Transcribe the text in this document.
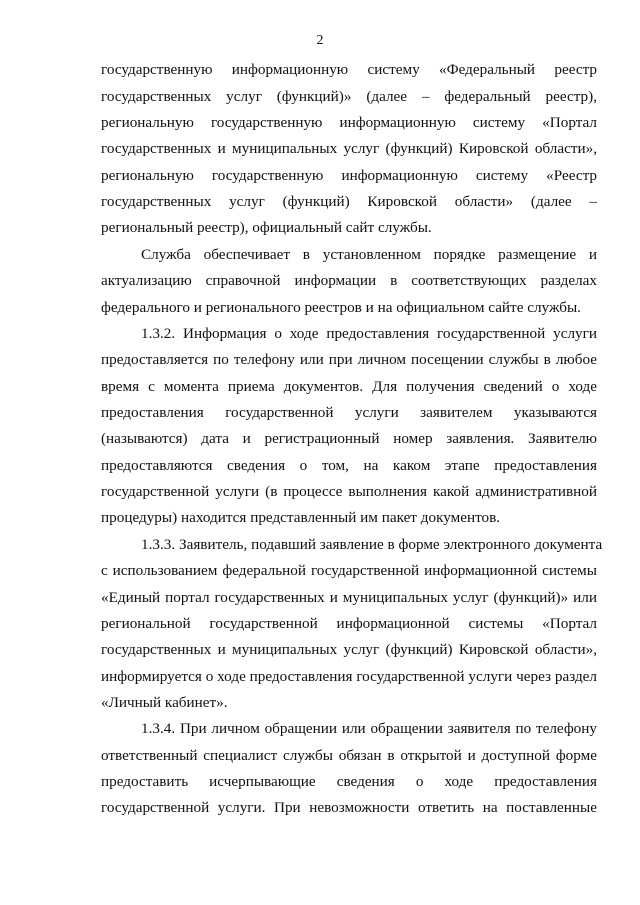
2
государственную информационную систему «Федеральный реестр
государственных услуг (функций)» (далее – федеральный реестр),
региональную государственную информационную систему «Портал
государственных и муниципальных услуг (функций) Кировской области»,
региональную государственную информационную систему «Реестр
государственных услуг (функций) Кировской области» (далее –
региональный реестр), официальный сайт службы.
Служба обеспечивает в установленном порядке размещение и
актуализацию справочной информации в соответствующих разделах
федерального и регионального реестров и на официальном сайте службы.
1.3.2. Информация о ходе предоставления государственной услуги
предоставляется по телефону или при личном посещении службы в любое
время с момента приема документов. Для получения сведений о ходе
предоставления государственной услуги заявителем указываются
(называются) дата и регистрационный номер заявления. Заявителю
предоставляются сведения о том, на каком этапе предоставления
государственной услуги (в процессе выполнения какой административной
процедуры) находится представленный им пакет документов.
1.3.3. Заявитель, подавший заявление в форме электронного документа
с использованием федеральной государственной информационной системы
«Единый портал государственных и муниципальных услуг (функций)» или
региональной государственной информационной системы «Портал
государственных и муниципальных услуг (функций) Кировской области»,
информируется о ходе предоставления государственной услуги через раздел
«Личный кабинет».
1.3.4. При личном обращении или обращении заявителя по телефону
ответственный специалист службы обязан в открытой и доступной форме
предоставить исчерпывающие сведения о ходе предоставления
государственной услуги. При невозможности ответить на поставленные
